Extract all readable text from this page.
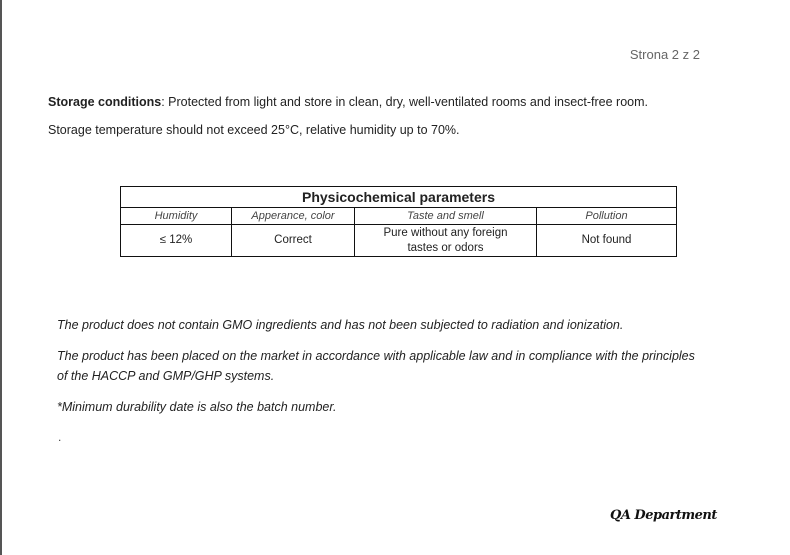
Strona 2 z 2

Storage conditions: Protected from light and store in clean, dry, well-ventilated rooms and insect-free room.

Storage temperature should not exceed 25°C, relative humidity up to 70%.

Physicochemical parameters			
Humidity	Apperance, color	Taste and smell	Pollution
≤ 12%	Correct	Pure without any foreign tastes or odors	Not found

The product does not contain GMO ingredients and has not been subjected to radiation and ionization.

The product has been placed on the market in accordance with applicable law and in compliance with the principles of the HACCP and GMP/GHP systems.

*Minimum durability date is also the batch number.

.
QA Department
